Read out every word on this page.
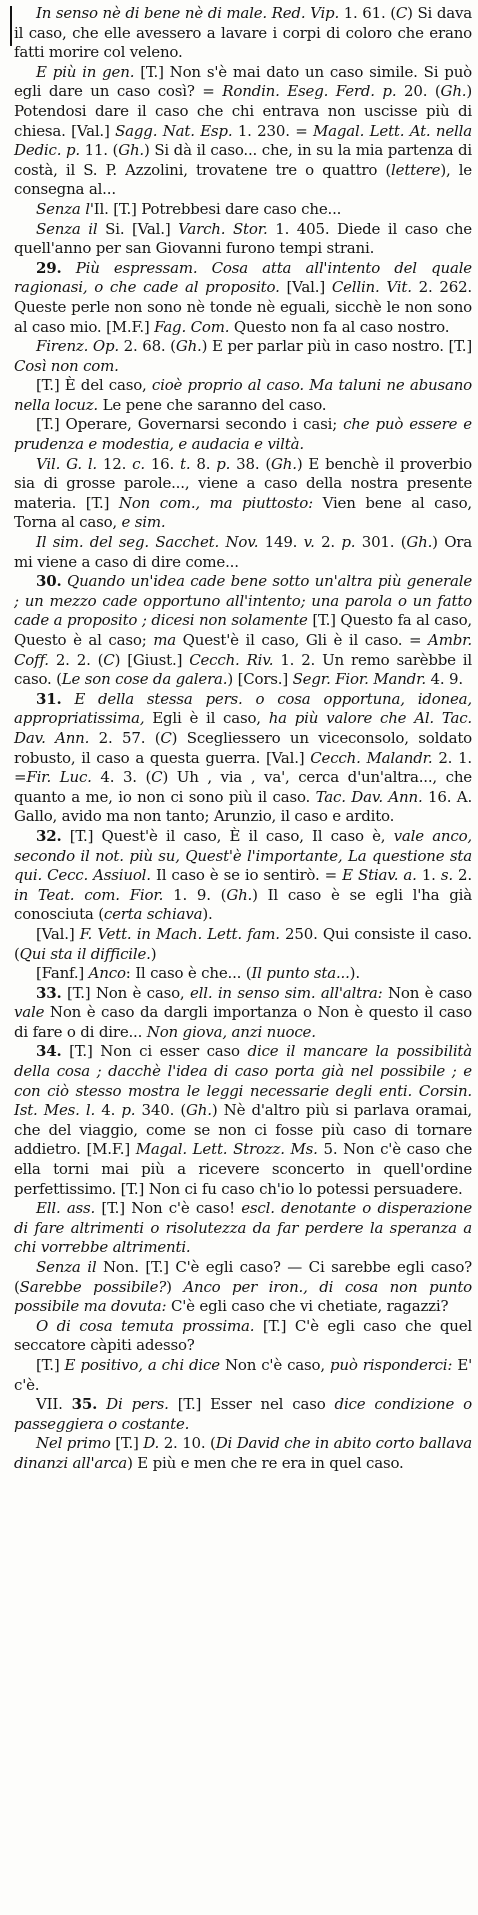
In senso nè di bene nè di male. Red. Vip. 1. 61. (C) Si dava il caso, che elle avessero a lavare i corpi di coloro che erano fatti morire col veleno.

E più in gen. [T.] Non s'è mai dato un caso simile. Si può egli dare un caso così? = Rondin. Eseg. Ferd. p. 20. (Gh.) Potendosi dare il caso che chi entrava non uscisse più di chiesa. [Val.] Sagg. Nat. Esp. 1. 230. = Magal. Lett. At. nella Dedic. p. 11. (Gh.) Si dà il caso... che, in su la mia partenza di costà, il S. P. Azzolini, trovatene tre o quattro (lettere), le consegna al...

Senza l'Il. [T.] Potrebbesi dare caso che...

Senza il Si. [Val.] Varch. Stor. 1. 405. Diede il caso che quell'anno per san Giovanni furono tempi strani.

29. Più espressam. Cosa atta all'intento del quale ragionasi, o che cade al proposito. [Val.] Cellin. Vit. 2. 262. Queste perle non sono nè tonde nè eguali, sicchè le non sono al caso mio. [M.F.] Fag. Com. Questo non fa al caso nostro.

Firenz. Op. 2. 68. (Gh.) E per parlar più in caso nostro. [T.] Così non com.

[T.] È del caso, cioè proprio al caso. Ma taluni ne abusano nella locuz. Le pene che saranno del caso.

[T.] Operare, Governarsi secondo i casi; che può essere e prudenza e modestia, e audacia e viltà.

Vil. G. l. 12. c. 16. t. 8. p. 38. (Gh.) E benchè il proverbio sia di grosse parole..., viene a caso della nostra presente materia. [T.] Non com., ma piuttosto: Vien bene al caso, Torna al caso, e sim.

Il sim. del seg. Sacchet. Nov. 149. v. 2. p. 301. (Gh.) Ora mi viene a caso di dire come...

30. Quando un'idea cade bene sotto un'altra più generale ; un mezzo cade opportuno all'intento; una parola o un fatto cade a proposito ; dicesi non solamente [T.] Questo fa al caso, Questo è al caso; ma Quest'è il caso, Gli è il caso. = Ambr. Coff. 2. 2. (C) [Giust.] Cecch. Riv. 1. 2. Un remo sarèbbe il caso. (Le son cose da galera.) [Cors.] Segr. Fior. Mandr. 4. 9.

31. E della stessa pers. o cosa opportuna, idonea, appropriatissima, Egli è il caso, ha più valore che Al. Tac. Dav. Ann. 2. 57. (C) Scegliessero un viceconsolo, soldato robusto, il caso a questa guerra. [Val.] Cecch. Malandr. 2. 1. =Fir. Luc. 4. 3. (C) Uh , via , va', cerca d'un'altra..., che quanto a me, io non ci sono più il caso. Tac. Dav. Ann. 16. A. Gallo, avido ma non tanto; Arunzio, il caso e ardito.

32. [T.] Quest'è il caso, È il caso, Il caso è, vale anco, secondo il not. più su, Quest'è l'importante, La questione sta qui. Cecc. Assiuol. Il caso è se io sentirò. = E Stiav. a. 1. s. 2. in Teat. com. Fior. 1. 9. (Gh.) Il caso è se egli l'ha già conosciuta (certa schiava).

[Val.] F. Vett. in Mach. Lett. fam. 250. Qui consiste il caso. (Qui sta il difficile.)

[Fanf.] Anco: Il caso è che... (Il punto sta...).

33. [T.] Non è caso, ell. in senso sim. all'altra: Non è caso vale Non è caso da dargli importanza o Non è questo il caso di fare o di dire... Non giova, anzi nuoce.

34. [T.] Non ci esser caso dice il mancare la possibilità della cosa ; dacchè l'idea di caso porta già nel possibile ; e con ciò stesso mostra le leggi necessarie degli enti. Corsin. Ist. Mes. l. 4. p. 340. (Gh.) Nè d'altro più si parlava oramai, che del viaggio, come se non ci fosse più caso di tornare addietro. [M.F.] Magal. Lett. Strozz. Ms. 5. Non c'è caso che ella torni mai più a ricevere sconcerto in quell'ordine perfettissimo. [T.] Non ci fu caso ch'io lo potessi persuadere.

Ell. ass. [T.] Non c'è caso! escl. denotante o disperazione di fare altrimenti o risolutezza da far perdere la speranza a chi vorrebbe altrimenti.

Senza il Non. [T.] C'è egli caso? — Ci sarebbe egli caso? (Sarebbe possibile?) Anco per iron., di cosa non punto possibile ma dovuta: C'è egli caso che vi chetiate, ragazzi?

O di cosa temuta prossima. [T.] C'è egli caso che quel seccatore càpiti adesso?

[T.] E positivo, a chi dice Non c'è caso, può risponderci: E' c'è.

VII. 35. Di pers. [T.] Esser nel caso dice condizione o passeggiera o costante.

Nel primo [T.] D. 2. 10. (Di David che in abito corto ballava dinanzi all'arca) E più e men che re era in quel caso.
